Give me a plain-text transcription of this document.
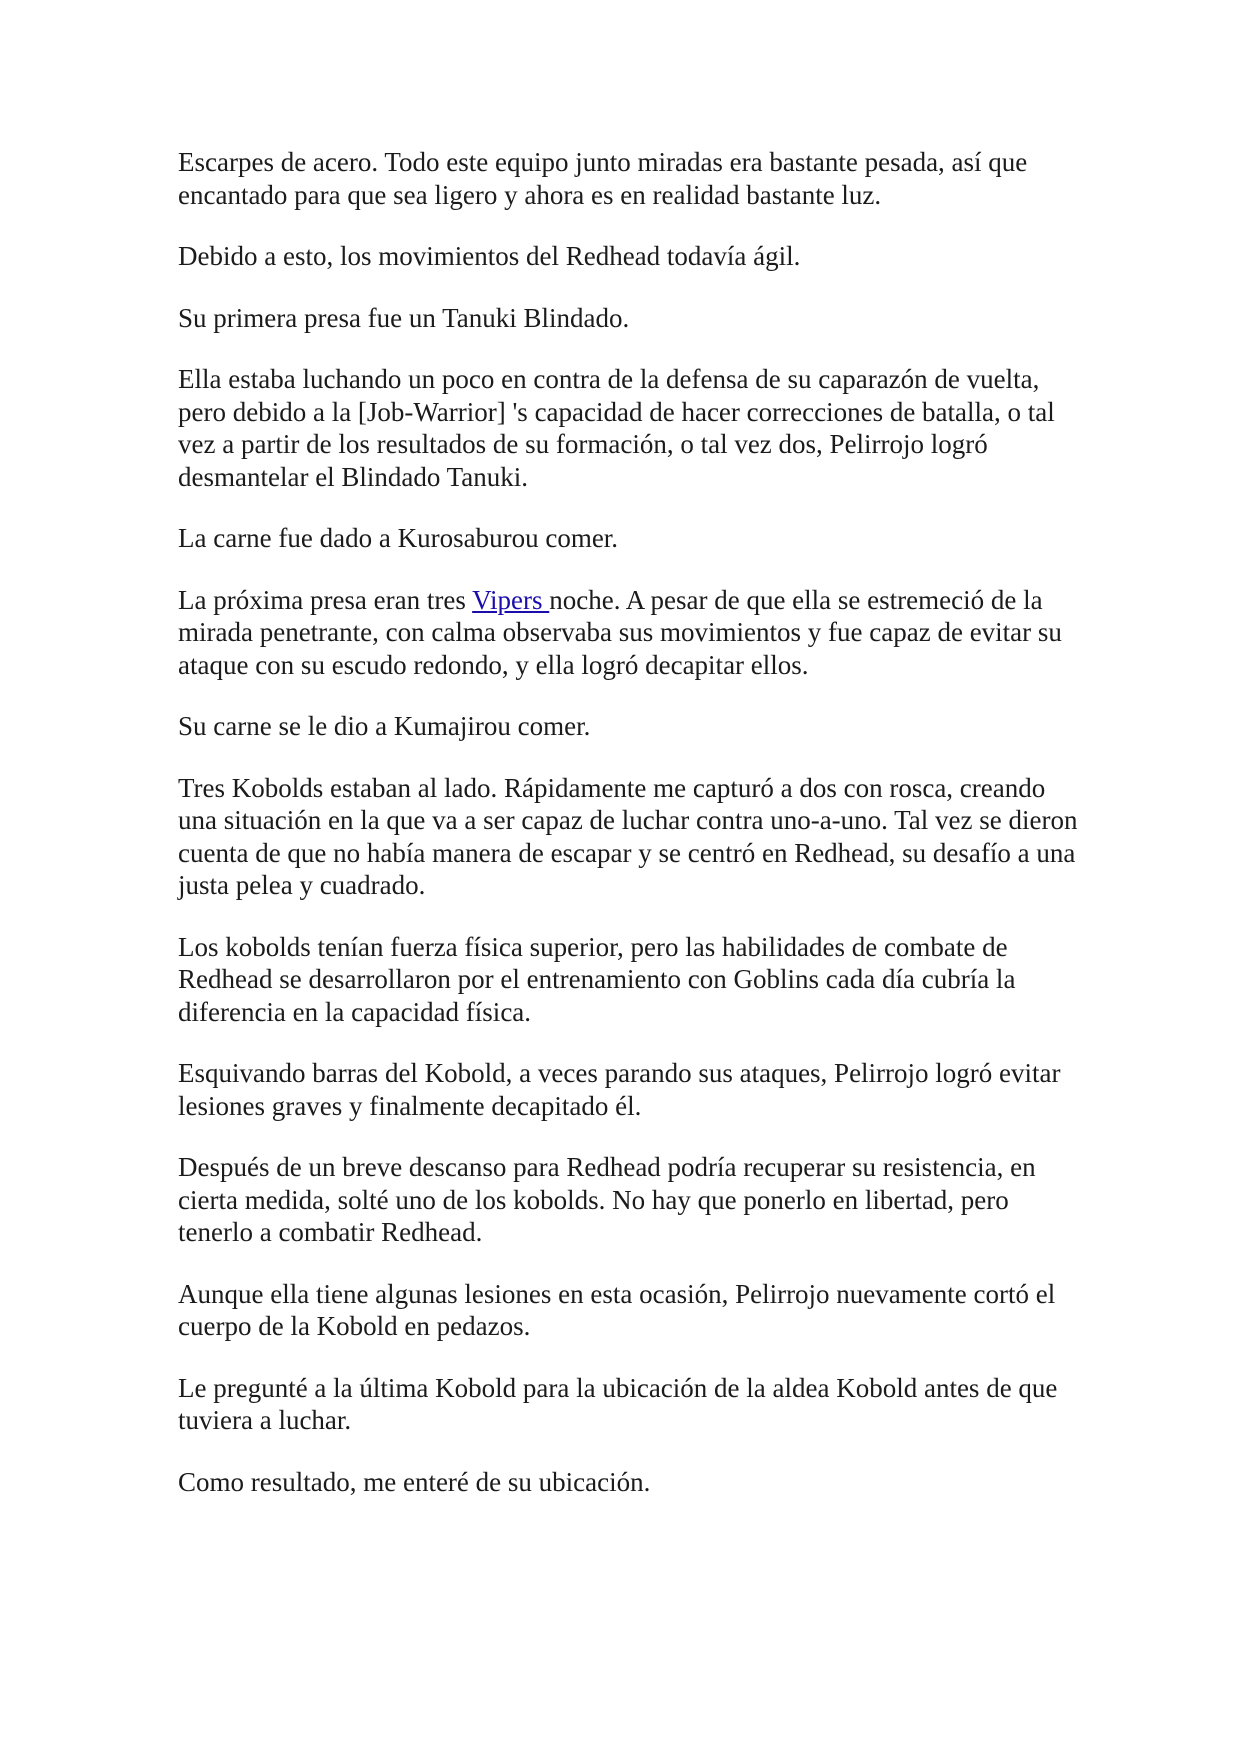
Escarpes de acero. Todo este equipo junto miradas era bastante pesada, así que encantado para que sea ligero y ahora es en realidad bastante luz.

Debido a esto, los movimientos del Redhead todavía ágil.

Su primera presa fue un Tanuki Blindado.

Ella estaba luchando un poco en contra de la defensa de su caparazón de vuelta, pero debido a la [Job-Warrior] 's capacidad de hacer correcciones de batalla, o tal vez a partir de los resultados de su formación, o tal vez dos, Pelirrojo logró desmantelar el Blindado Tanuki.

La carne fue dado a Kurosaburou comer.

La próxima presa eran tres Vipers noche. A pesar de que ella se estremeció de la mirada penetrante, con calma observaba sus movimientos y fue capaz de evitar su ataque con su escudo redondo, y ella logró decapitar ellos.

Su carne se le dio a Kumajirou comer.

Tres Kobolds estaban al lado. Rápidamente me capturó a dos con rosca, creando una situación en la que va a ser capaz de luchar contra uno-a-uno. Tal vez se dieron cuenta de que no había manera de escapar y se centró en Redhead, su desafío a una justa pelea y cuadrado.

Los kobolds tenían fuerza física superior, pero las habilidades de combate de Redhead se desarrollaron por el entrenamiento con Goblins cada día cubría la diferencia en la capacidad física.

Esquivando barras del Kobold, a veces parando sus ataques, Pelirrojo logró evitar lesiones graves y finalmente decapitado él.

Después de un breve descanso para Redhead podría recuperar su resistencia, en cierta medida, solté uno de los kobolds. No hay que ponerlo en libertad, pero tenerlo a combatir Redhead.

Aunque ella tiene algunas lesiones en esta ocasión, Pelirrojo nuevamente cortó el cuerpo de la Kobold en pedazos.

Le pregunté a la última Kobold para la ubicación de la aldea Kobold antes de que tuviera a luchar.

Como resultado, me enteré de su ubicación.
